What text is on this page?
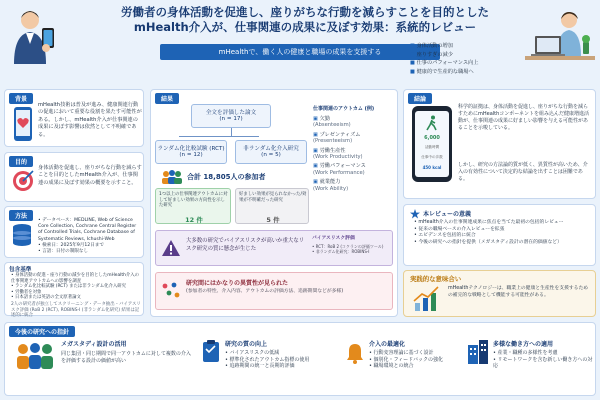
労働者の身体活動を促進し、座りがちな行動を減らすことを目的とした
mHealth介入が、仕事関連の成果に及ぼす効果：系統的レビュー
mHealthで、働く人の健康と職場の成果を支援する
■ 身体活動の増加
■ 座りすぎの減少
■ 仕事のパフォーマンス向上
■ 健康的で生産的な職場へ
背景
mHealth技術は普及が進み、健康関連行動の促進において重要な役割を果たす可能性がある。しかし、mHealth介入が仕事関連の成果に及ぼす影響は依然として不明確である。
目的
身体活動を促進し、座りがちな行動を減らすことを目的としたmHealth介入が、仕事関連の成果に及ぼす効果の概要を示すこと。
方法
• データベース：MEDLINE, Web of Science Core Collection, Cochrane Central Register of Controlled Trials, Cochrane Database of Systematic Reviews, Ichushi-Web
• 検索日：2025年9月12日まで
• 言語：日付の制限なし
包含基準
• 身体活動の促進・座り行動の減少を目的としたmHealth介入の仕事関連アウトカムへの影響を調査
• ランダム化比較試験 (RCT) または非ランダム化介入研究
• 労働者を対象
• 日本語または英語の全文原著論文
2人の研究者が独立してスクリーニング・データ抽出・バイアスリスク評価 (RoB 2 (RCT), ROBINS-I (非ランダム化研究) 結果は記述的に統合
結果
全文を評価した論文
(n = 17)
ランダム化比較試験 (RCT)
(n = 12)
非ランダム化介入研究
(n = 5)
合計 18,805人の参加者
1つ以上の仕事関連アウトカムに対して好ましい効果の方向性を示した研究
12 件
好ましい効果が見られなかった/効果が不明確だった研究
5 件
仕事関連のアウトカム (例)
▣ 欠勤
(Absenteeism)
▣ プレゼンティズム
(Presenteeism)
▣ 労働生産性
(Work Productivity)
▣ 労働パフォーマンス
(Work Performance)
▣ 就業能力
(Work Ability)
大多数の研究でバイアスリスクが高いか重大なリスク研究の質に懸念が生じた
バイアスリスク評価
• RCT：RoB 2 (コクランの評価ツール)
• 非ランダム化研究：ROBINS-I
研究間にはかなりの異質性が見られた
(参加者の特性、介入内容、アウトカムの評価方法、追跡期間などが多様)
結論
6,000
活動時間
仕事中の歩数
450 kcal
科学的証拠は、身体活動を促進し、座りがちな行動を減らすためにmHealthコンポーネントを組み込んだ健康増進活動が、仕事関連の成果に好ましい影響を与える可能性があることを示唆している。
しかし、研究の方法論的質が低く、異質性が高いため、介入の有効性について決定的な結論を出すことは困難である。
本レビューの意義
• mHealth介入の仕事関連成果に焦点を当てた最初の包括的レビュー
• 従来の職場ベースの介入レビューを拡張
• エビデンスを包括的に統合
• 今後の研究への指針を提供（メガスタディ設計の潜在的価値など）
実践的な意味合い
mHealthテクノロジーは、職業上の健康と生産性を支援するための補完的な戦略として機能する可能性がある。
今後の研究への指針
メガスタディ設計の活用
同じ集団・同じ期間で同一アウトカムに対して複数の介入を評価する設計の価値が高い
研究の質の向上
• バイアスリスクの低減
• 標準化されたアウトカム指標の使用
• 追跡期間の統一と長期的評価
介入の最適化
• 行動変容理論に基づく設計
• 個別化・フィードバックの強化
• 職場環境との統合
多様な働き方への適用
• 産業・職種の多様性を考慮
• リモートワークを含む新しい働き方への対応
